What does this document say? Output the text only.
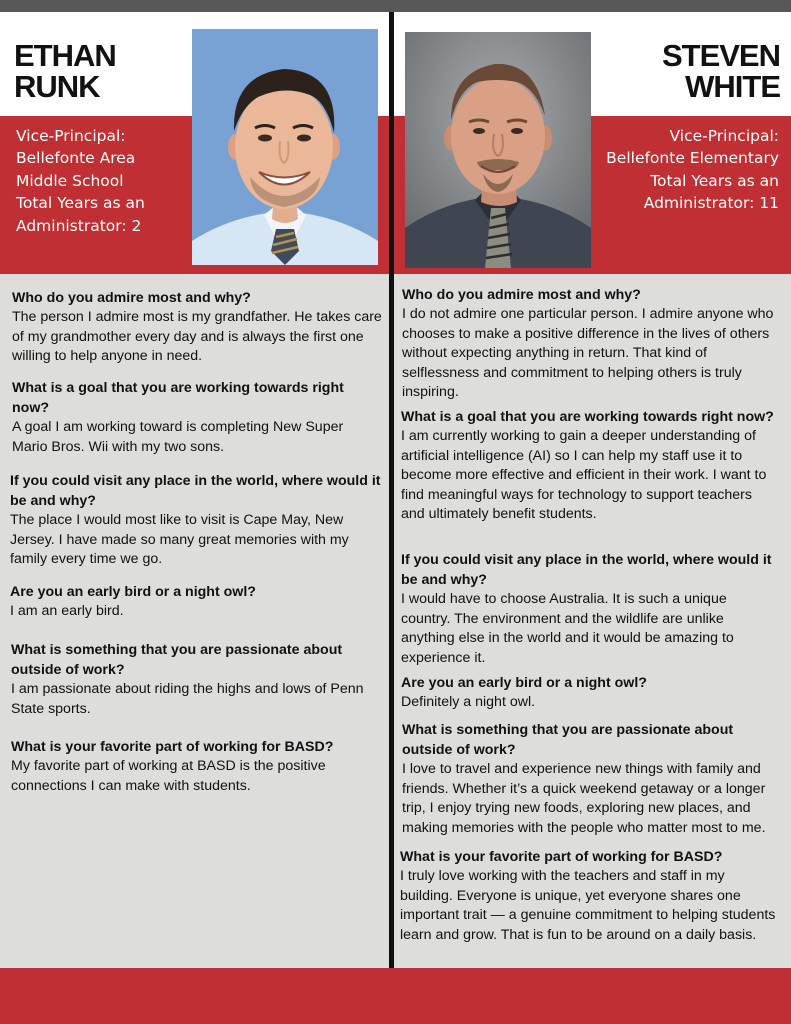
ETHAN
RUNK
Vice-Principal:
Bellefonte Area
Middle School
Total Years as an
Administrator: 2

Who do you admire most and why?

The person I admire most is my grandfather. He takes care of my grandmother every day and is always the first one willing to help anyone in need.

What is a goal that you are working towards right now?

A goal I am working toward is completing New Super Mario Bros. Wii with my two sons.

If you could visit any place in the world, where would it be and why?

The place I would most like to visit is Cape May, New Jersey. I have made so many great memories with my family every time we go.

Are you an early bird or a night owl?

I am an early bird.

What is something that you are passionate about outside of work?

I am passionate about riding the highs and lows of Penn State sports.

What is your favorite part of working for BASD?

My favorite part of working at BASD is the positive connections I can make with students.

STEVEN
WHITE
Vice-Principal:
Bellefonte Elementary
Total Years as an
Administrator: 11

Who do you admire most and why?

I do not admire one particular person. I admire anyone who chooses to make a positive difference in the lives of others without expecting anything in return. That kind of selflessness and commitment to helping others is truly inspiring.

What is a goal that you are working towards right now?

I am currently working to gain a deeper understanding of artificial intelligence (AI) so I can help my staff use it to become more effective and efficient in their work. I want to find meaningful ways for technology to support teachers and ultimately benefit students.

If you could visit any place in the world, where would it be and why?

I would have to choose Australia. It is such a unique country. The environment and the wildlife are unlike anything else in the world and it would be amazing to experience it.

Are you an early bird or a night owl?

Definitely a night owl.

What is something that you are passionate about outside of work?

I love to travel and experience new things with family and friends. Whether it’s a quick weekend getaway or a longer trip, I enjoy trying new foods, exploring new places, and making memories with the people who matter most to me.

What is your favorite part of working for BASD?

I truly love working with the teachers and staff in my building. Everyone is unique, yet everyone shares one important trait — a genuine commitment to helping students learn and grow. That is fun to be around on a daily basis.
